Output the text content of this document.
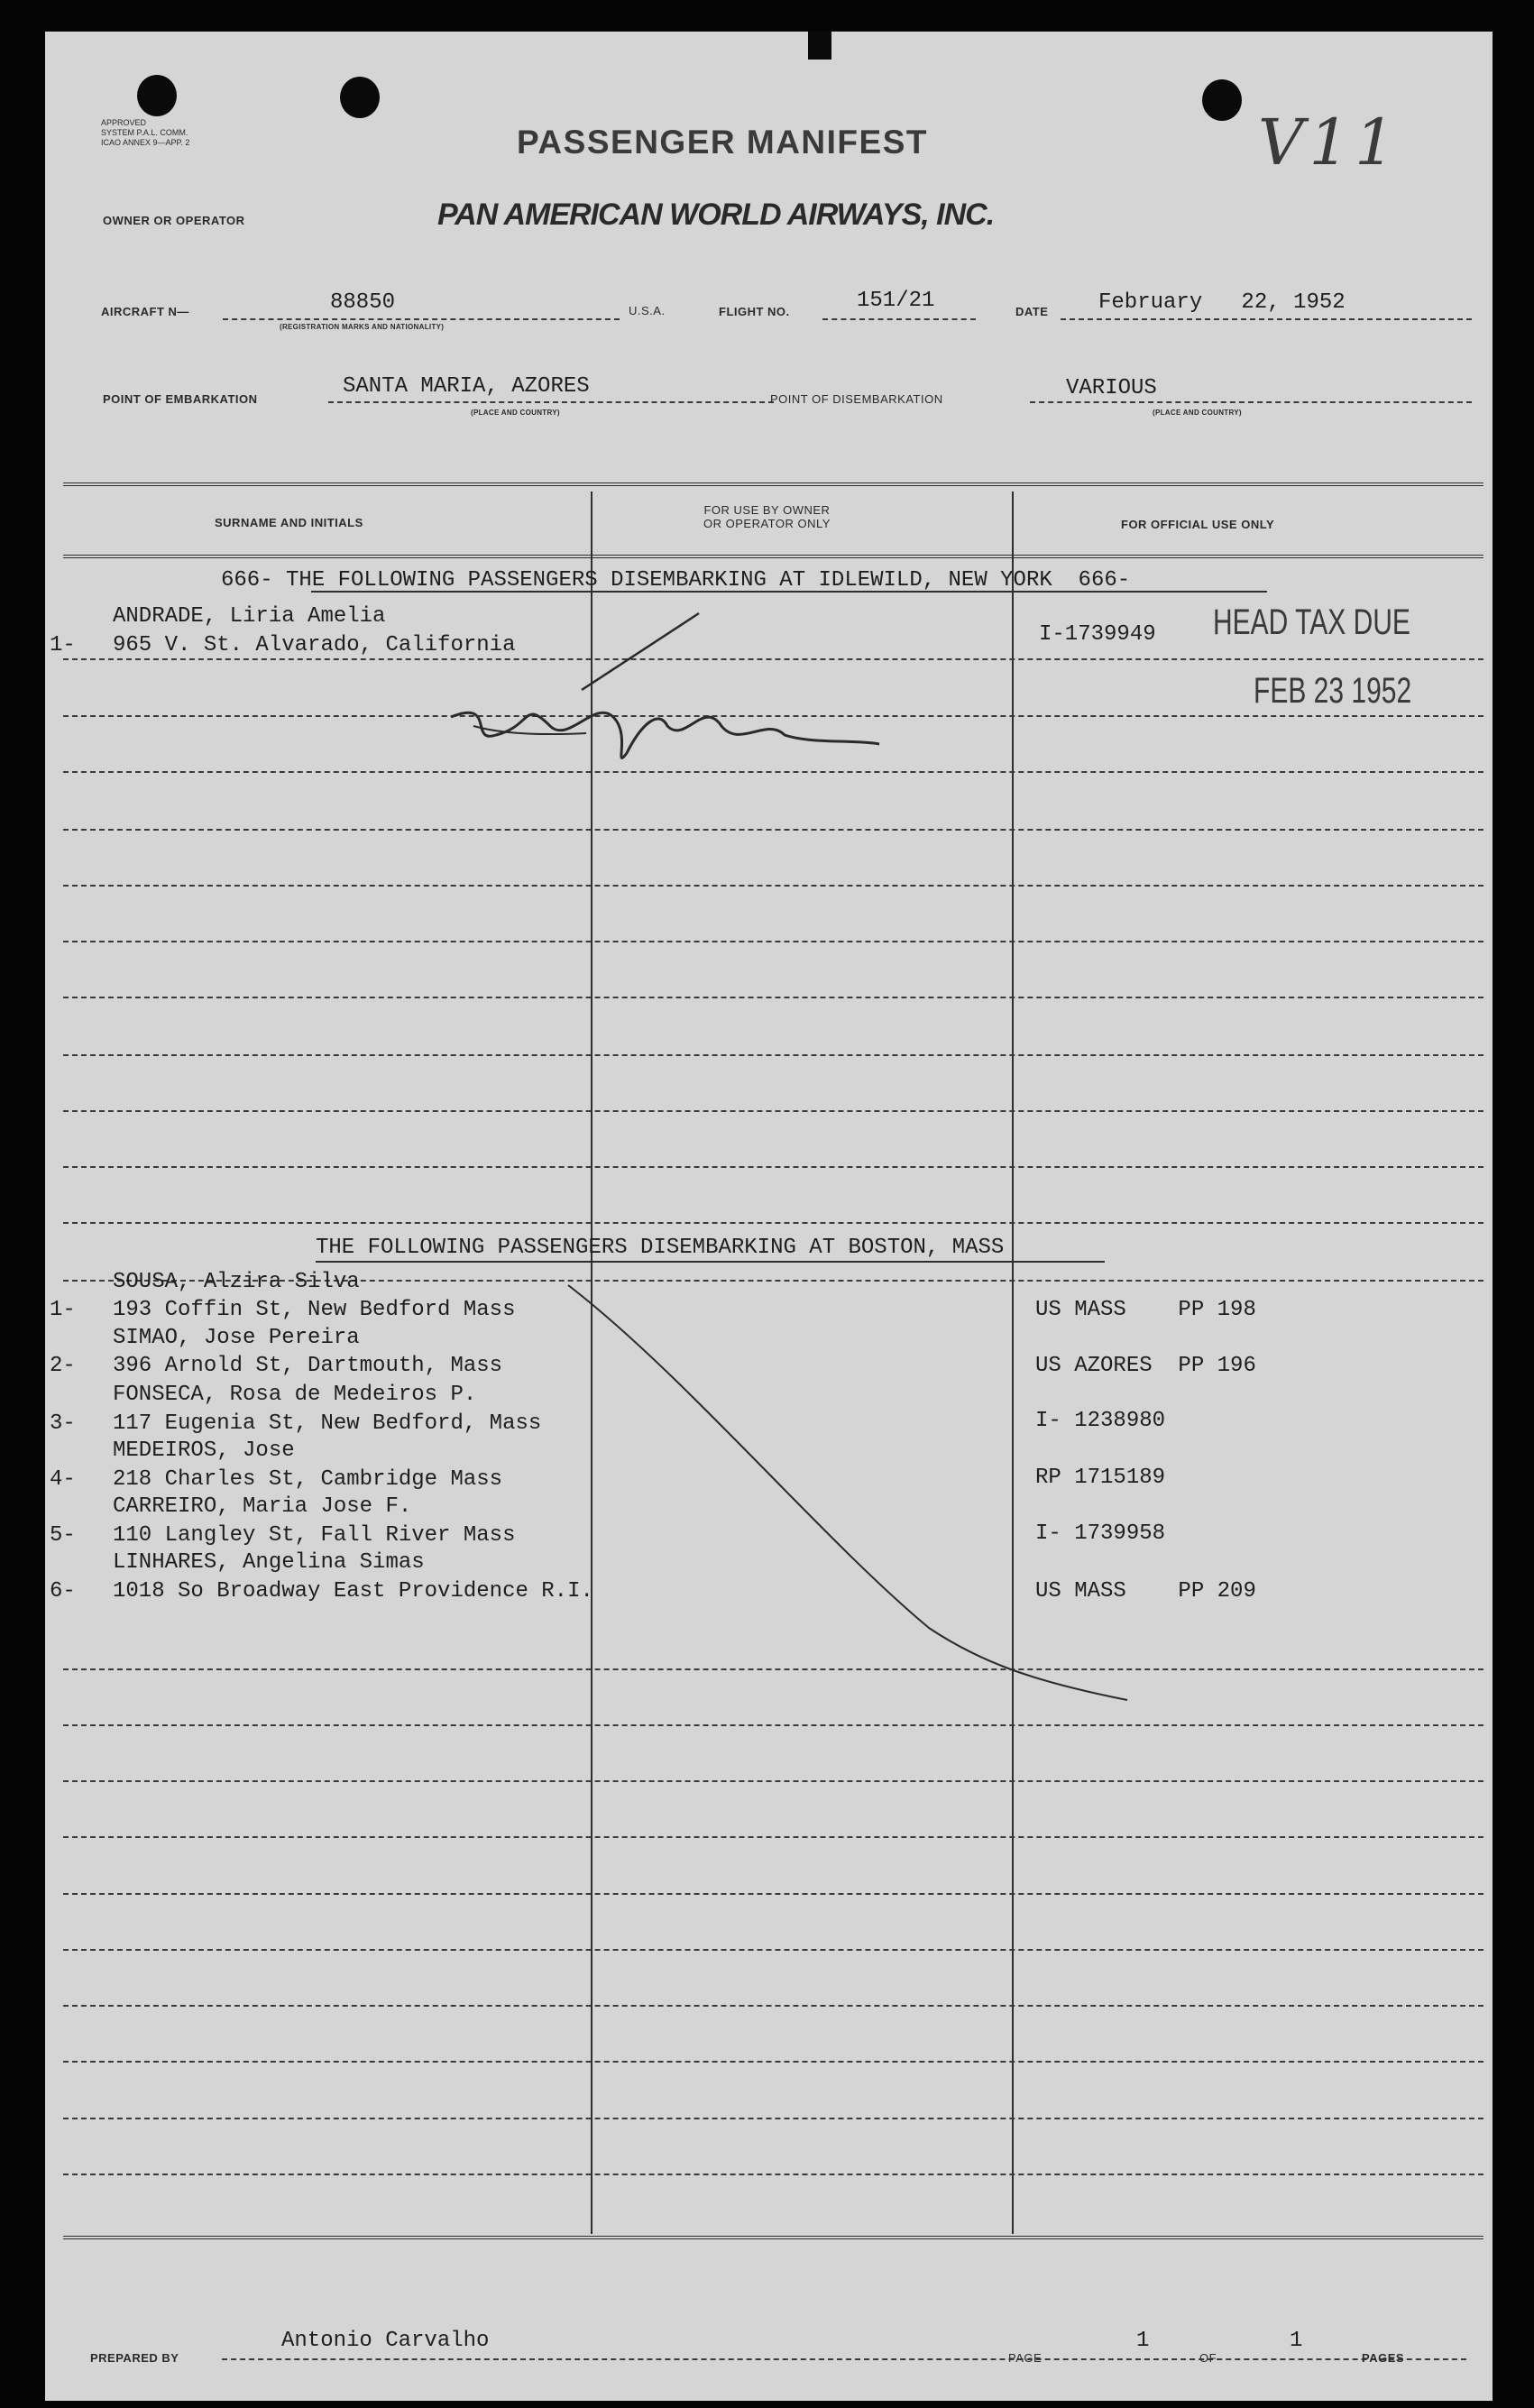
APPROVED
SYSTEM P.A.L. COMM.
ICAO ANNEX 9—APP. 2	PASSENGER MANIFEST	V11
OWNER OR OPERATOR	PAN AMERICAN WORLD AIRWAYS, INC.
AIRCRAFT N—	88850
(REGISTRATION MARKS AND NATIONALITY)
U.S.A.	FLIGHT NO.	151/21	DATE February   22, 1952
POINT OF EMBARKATION
SANTA MARIA, AZORES
(PLACE AND COUNTRY)
POINT OF DISEMBARKATION	VARIOUS
(PLACE AND COUNTRY)
SURNAME AND INITIALS
FOR USE BY OWNER
OR OPERATOR ONLY	FOR OFFICIAL USE ONLY
666- THE FOLLOWING PASSENGERS DISEMBARKING AT IDLEWILD, NEW YORK  666-
1-
ANDRADE, Liria Amelia
965 V. St. Alvarado, California	I-1739949 HEAD TAX DUE
FEB 23 1952
THE FOLLOWING PASSENGERS DISEMBARKING AT BOSTON, MASS
1-
SOUSA, Alzira Silva
193 Coffin St, New Bedford Mass	US MASS    PP 198
2-
SIMAO, Jose Pereira
396 Arnold St, Dartmouth, Mass	US AZORES  PP 196
3-
FONSECA, Rosa de Medeiros P.
117 Eugenia St, New Bedford, Mass	I- 1238980
4-
MEDEIROS, Jose
218 Charles St, Cambridge Mass	RP 1715189
5-
CARREIRO, Maria Jose F.
110 Langley St, Fall River Mass	I- 1739958
6-
LINHARES, Angelina Simas
1018 So Broadway East Providence R.I.	US MASS    PP 209
PREPARED BY
Antonio Carvalho
PAGE
1
OF
1
PAGES
